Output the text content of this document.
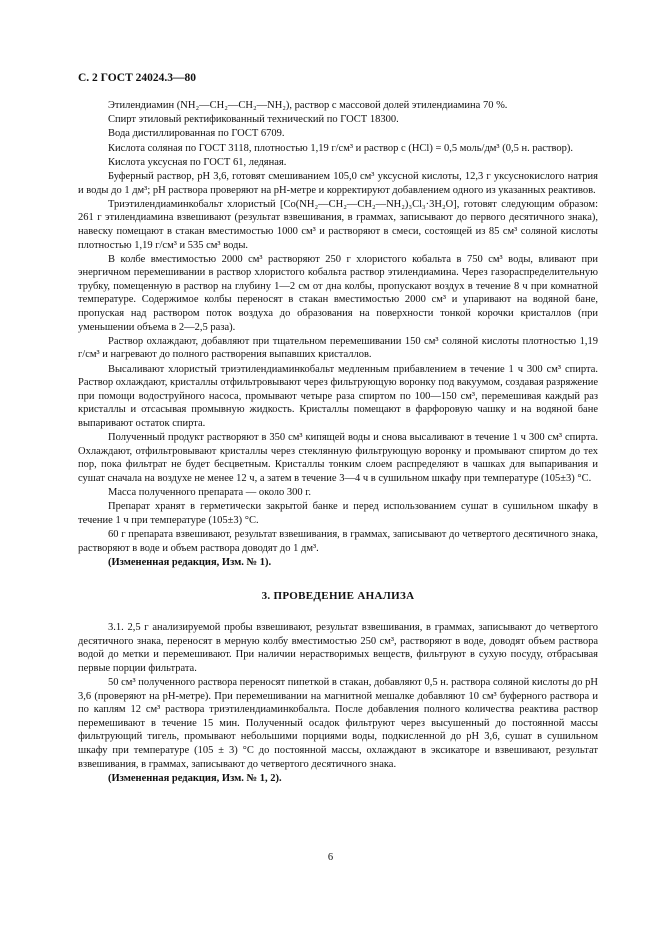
С. 2 ГОСТ 24024.3—80

Этилендиамин (NH₂—CH₂—CH₂—NH₂), раствор с массовой долей этилендиамина 70 %.

Спирт этиловый ректификованный технический по ГОСТ 18300.

Вода дистиллированная по ГОСТ 6709.

Кислота соляная по ГОСТ 3118, плотностью 1,19 г/см³ и раствор c (HCl) = 0,5 моль/дм³ (0,5 н. раствор).

Кислота уксусная по ГОСТ 61, ледяная.

Буферный раствор, рН 3,6, готовят смешиванием 105,0 см³ уксусной кислоты, 12,3 г уксуснокислого натрия и воды до 1 дм³; рН раствора проверяют на рН-метре и корректируют добавлением одного из указанных реактивов.

Триэтилендиаминкобальт хлористый [Co(NH₂—CH₂—CH₂—NH₂)₃Cl₃·3H₂O], готовят следующим образом: 261 г этилендиамина взвешивают (результат взвешивания, в граммах, записывают до первого десятичного знака), навеску помещают в стакан вместимостью 1000 см³ и растворяют в смеси, состоящей из 85 см³ соляной кислоты плотностью 1,19 г/см³ и 535 см³ воды.

В колбе вместимостью 2000 см³ растворяют 250 г хлористого кобальта в 750 см³ воды, вливают при энергичном перемешивании в раствор хлористого кобальта раствор этилендиамина. Через газораспределительную трубку, помещенную в раствор на глубину 1—2 см от дна колбы, пропускают воздух в течение 8 ч при комнатной температуре. Содержимое колбы переносят в стакан вместимостью 2000 см³ и упаривают на водяной бане, пропуская над раствором поток воздуха до образования на поверхности тонкой корочки кристаллов (при уменьшении объема в 2—2,5 раза).

Раствор охлаждают, добавляют при тщательном перемешивании 150 см³ соляной кислоты плотностью 1,19 г/см³ и нагревают до полного растворения выпавших кристаллов.

Высаливают хлористый триэтилендиаминкобальт медленным прибавлением в течение 1 ч 300 см³ спирта. Раствор охлаждают, кристаллы отфильтровывают через фильтрующую воронку под вакуумом, создавая разряжение при помощи водоструйного насоса, промывают четыре раза спиртом по 100—150 см³, перемешивая каждый раз кристаллы и отсасывая промывную жидкость. Кристаллы помещают в фарфоровую чашку и на водяной бане выпаривают остаток спирта.

Полученный продукт растворяют в 350 см³ кипящей воды и снова высаливают в течение 1 ч 300 см³ спирта. Охлаждают, отфильтровывают кристаллы через стеклянную фильтрующую воронку и промывают спиртом до тех пор, пока фильтрат не будет бесцветным. Кристаллы тонким слоем распределяют в чашках для выпаривания и сушат сначала на воздухе не менее 12 ч, а затем в течение 3—4 ч в сушильном шкафу при температуре (105±3) °С.

Масса полученного препарата — около 300 г.

Препарат хранят в герметически закрытой банке и перед использованием сушат в сушильном шкафу в течение 1 ч при температуре (105±3) °С.

60 г препарата взвешивают, результат взвешивания, в граммах, записывают до четвертого десятичного знака, растворяют в воде и объем раствора доводят до 1 дм³.

(Измененная редакция, Изм. № 1).

3. ПРОВЕДЕНИЕ АНАЛИЗА

3.1. 2,5 г анализируемой пробы взвешивают, результат взвешивания, в граммах, записывают до четвертого десятичного знака, переносят в мерную колбу вместимостью 250 см³, растворяют в воде, доводят объем раствора водой до метки и перемешивают. При наличии нерастворимых веществ, фильтруют в сухую посуду, отбрасывая первые порции фильтрата.

50 см³ полученного раствора переносят пипеткой в стакан, добавляют 0,5 н. раствора соляной кислоты до рН 3,6 (проверяют на рН-метре). При перемешивании на магнитной мешалке добавляют 10 см³ буферного раствора и по каплям 12 см³ раствора триэтилендиаминкобальта. После добавления полного количества реактива раствор перемешивают в течение 15 мин. Полученный осадок фильтруют через высушенный до постоянной массы фильтрующий тигель, промывают небольшими порциями воды, подкисленной до рН 3,6, сушат в сушильном шкафу при температуре (105 ± 3) °С до постоянной массы, охлаждают в эксикаторе и взвешивают, результат взвешивания, в граммах, записывают до четвертого десятичного знака.

(Измененная редакция, Изм. № 1, 2).

6
